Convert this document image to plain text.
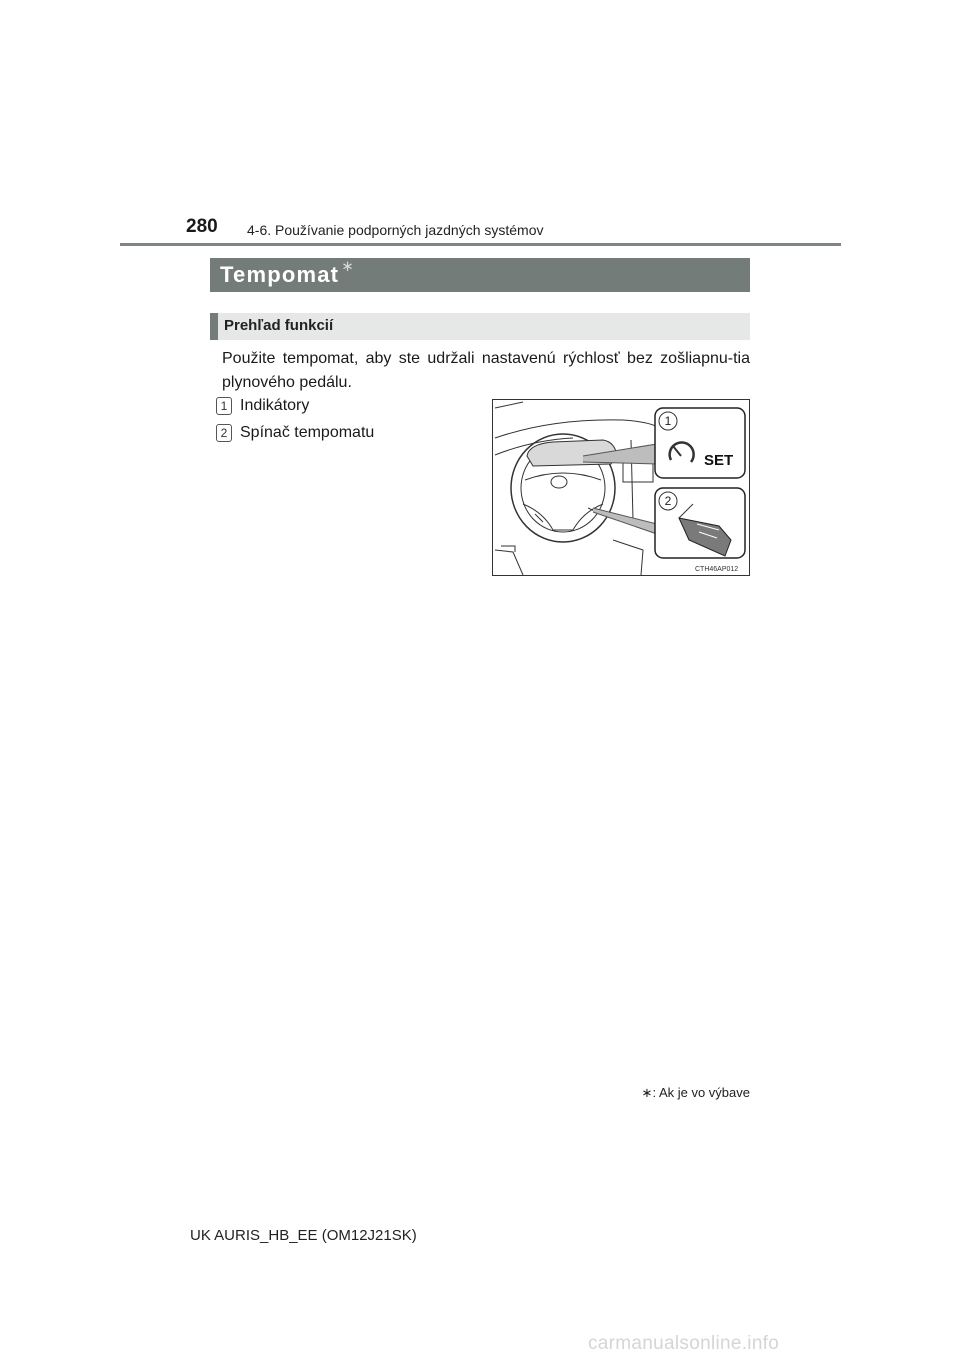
280 4-6. Používanie podporných jazdných systémov
Tempomat ∗
Prehľad funkcií
Použite tempomat, aby ste udržali nastavenú rýchlosť bez zošliapnu-tia plynového pedálu.
1 Indikátory
2 Spínač tempomatu
1
2
SET
CTH46AP012
∗: Ak je vo výbave
UK AURIS_HB_EE (OM12J21SK)
carmanualsonline.info
